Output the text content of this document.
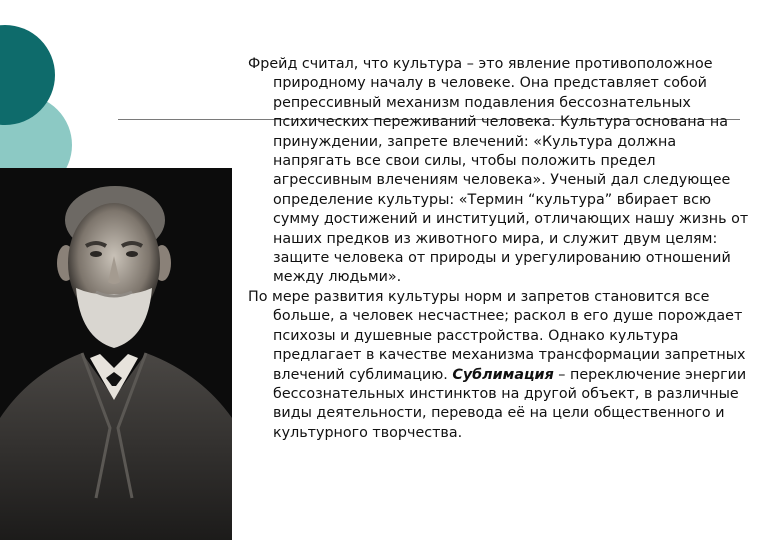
Фрейд считал, что культура – это явление противоположное природному началу в человеке. Она представляет собой репрессивный механизм подавления бессознательных психических переживаний человека. Культура основана на принуждении, запрете влечений: «Культура должна напрягать все свои силы, чтобы положить предел агрессивным влечениям человека». Ученый дал следующее определение культуры: «Термин “культура” вбирает всю сумму достижений и институций, отличающих нашу жизнь от наших предков из животного мира, и служит двум целям: защите человека от природы и урегулированию отношений между людьми».

По мере развития культуры норм и запретов становится все больше, а человек несчастнее; раскол в его душе порождает психозы и душевные расстройства. Однако культура предлагает в качестве механизма трансформации запретных влечений сублимацию. Сублимация – переключение энергии бессознательных инстинктов на другой объект, в различные виды деятельности, перевода её на цели общественного и культурного творчества.
